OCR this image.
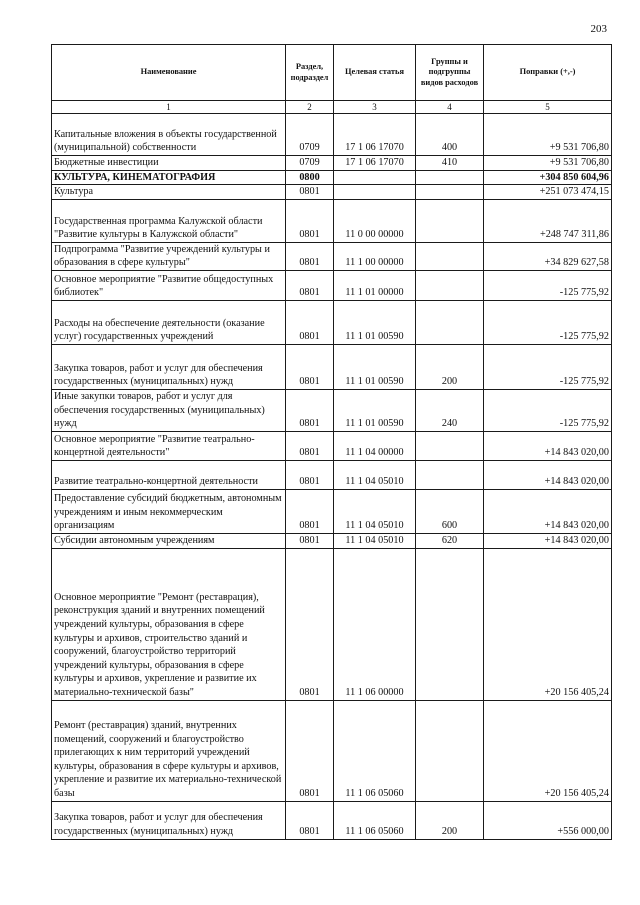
203
Наименование	Раздел, подраздел	Целевая статья	Группы и подгруппы видов расходов	Поправки (+,-)
1	2	3	4	5
Капитальные вложения в объекты государственной (муниципальной) собственности	0709	17 1 06 17070	400	+9 531 706,80
Бюджетные инвестиции	0709	17 1 06 17070	410	+9 531 706,80
КУЛЬТУРА, КИНЕМАТОГРАФИЯ	0800			+304 850 604,96
Культура	0801			+251 073 474,15
Государственная программа Калужской области "Развитие культуры в Калужской области"	0801	11 0 00 00000		+248 747 311,86
Подпрограмма "Развитие учреждений культуры и образования в сфере культуры"	0801	11 1 00 00000		+34 829 627,58
Основное мероприятие "Развитие общедоступных библиотек"	0801	11 1 01 00000		-125 775,92
Расходы на обеспечение деятельности (оказание услуг) государственных учреждений	0801	11 1 01 00590		-125 775,92
Закупка товаров, работ и услуг для обеспечения государственных (муниципальных) нужд	0801	11 1 01 00590	200	-125 775,92
Иные закупки товаров, работ и услуг для обеспечения государственных (муниципальных) нужд	0801	11 1 01 00590	240	-125 775,92
Основное мероприятие "Развитие театрально-концертной деятельности"	0801	11 1 04 00000		+14 843 020,00
Развитие театрально-концертной деятельности	0801	11 1 04 05010		+14 843 020,00
Предоставление субсидий бюджетным, автономным учреждениям и иным некоммерческим организациям	0801	11 1 04 05010	600	+14 843 020,00
Субсидии автономным учреждениям	0801	11 1 04 05010	620	+14 843 020,00
Основное мероприятие "Ремонт (реставрация), реконструкция зданий и внутренних помещений учреждений культуры, образования в сфере культуры и архивов, строительство зданий и сооружений, благоустройство территорий учреждений культуры, образования в сфере культуры и архивов, укрепление и развитие их материально-технической базы"	0801	11 1 06 00000		+20 156 405,24
Ремонт (реставрация) зданий, внутренних помещений, сооружений и благоустройство прилегающих к ним территорий учреждений культуры, образования в сфере культуры и архивов, укрепление и развитие их материально-технической базы	0801	11 1 06 05060		+20 156 405,24
Закупка товаров, работ и услуг для обеспечения государственных (муниципальных) нужд	0801	11 1 06 05060	200	+556 000,00
